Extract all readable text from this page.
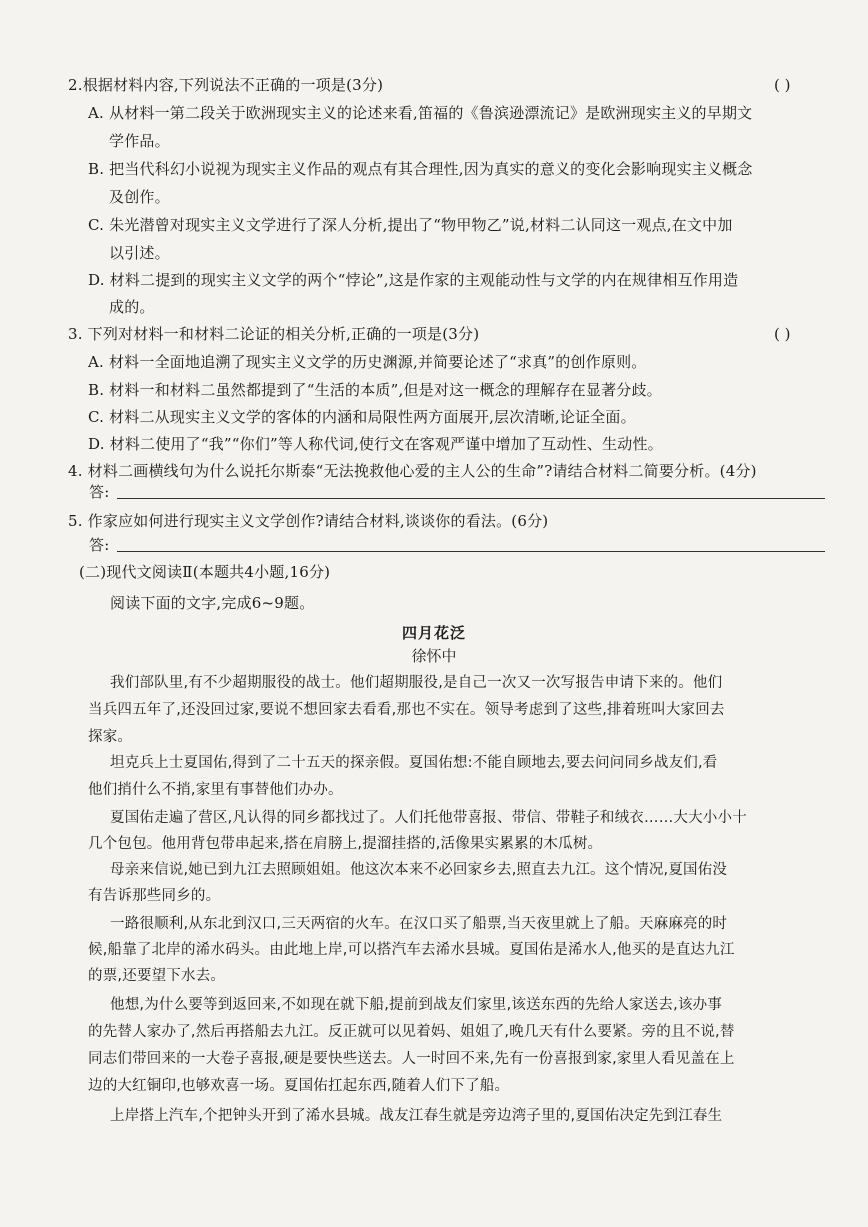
2.根据材料内容,下列说法不正确的一项是(3分)	( )
A. 从材料一第二段关于欧洲现实主义的论述来看,笛福的《鲁滨逊漂流记》是欧洲现实主义的早期文
学作品。
B. 把当代科幻小说视为现实主义作品的观点有其合理性,因为真实的意义的变化会影响现实主义概念
及创作。
C. 朱光潜曾对现实主义文学进行了深人分析,提出了“物甲物乙”说,材料二认同这一观点,在文中加
以引述。
D. 材料二提到的现实主义文学的两个“悖论”,这是作家的主观能动性与文学的内在规律相互作用造
成的。
3. 下列对材料一和材料二论证的相关分析,正确的一项是(3分)	( )
A. 材料一全面地追溯了现实主义文学的历史渊源,并简要论述了“求真”的创作原则。
B. 材料一和材料二虽然都提到了“生活的本质”,但是对这一概念的理解存在显著分歧。
C. 材料二从现实主义文学的客体的内涵和局限性两方面展开,层次清晰,论证全面。
D. 材料二使用了“我”“你们”等人称代词,使行文在客观严谨中增加了互动性、生动性。
4. 材料二画横线句为什么说托尔斯泰“无法挽救他心爱的主人公的生命”?请结合材料二简要分析。(4分)
答:
5. 作家应如何进行现实主义文学创作?请结合材料,谈谈你的看法。(6分)
答:
(二)现代文阅读Ⅱ(本题共4小题,16分)
阅读下面的文字,完成6~9题。
四月花泛
徐怀中
我们部队里,有不少超期服役的战士。他们超期服役,是自己一次又一次写报告申请下来的。他们
当兵四五年了,还没回过家,要说不想回家去看看,那也不实在。领导考虑到了这些,排着班叫大家回去
探家。
坦克兵上士夏国佑,得到了二十五天的探亲假。夏国佑想:不能自顾地去,要去问问同乡战友们,看
他们捎什么不捎,家里有事替他们办办。
夏国佑走遍了营区,凡认得的同乡都找过了。人们托他带喜报、带信、带鞋子和绒衣……大大小小十
几个包包。他用背包带串起来,搭在肩膀上,提溜挂搭的,活像果实累累的木瓜树。
母亲来信说,她已到九江去照顾姐姐。他这次本来不必回家乡去,照直去九江。这个情况,夏国佑没
有告诉那些同乡的。
一路很顺利,从东北到汉口,三天两宿的火车。在汉口买了船票,当天夜里就上了船。天麻麻亮的时
候,船靠了北岸的浠水码头。由此地上岸,可以搭汽车去浠水县城。夏国佑是浠水人,他买的是直达九江
的票,还要望下水去。
他想,为什么要等到返回来,不如现在就下船,提前到战友们家里,该送东西的先给人家送去,该办事
的先替人家办了,然后再搭船去九江。反正就可以见着妈、姐姐了,晚几天有什么要紧。旁的且不说,替
同志们带回来的一大卷子喜报,硬是要快些送去。人一时回不来,先有一份喜报到家,家里人看见盖在上
边的大红铜印,也够欢喜一场。夏国佑扛起东西,随着人们下了船。
上岸搭上汽车,个把钟头开到了浠水县城。战友江春生就是旁边湾子里的,夏国佑决定先到江春生
